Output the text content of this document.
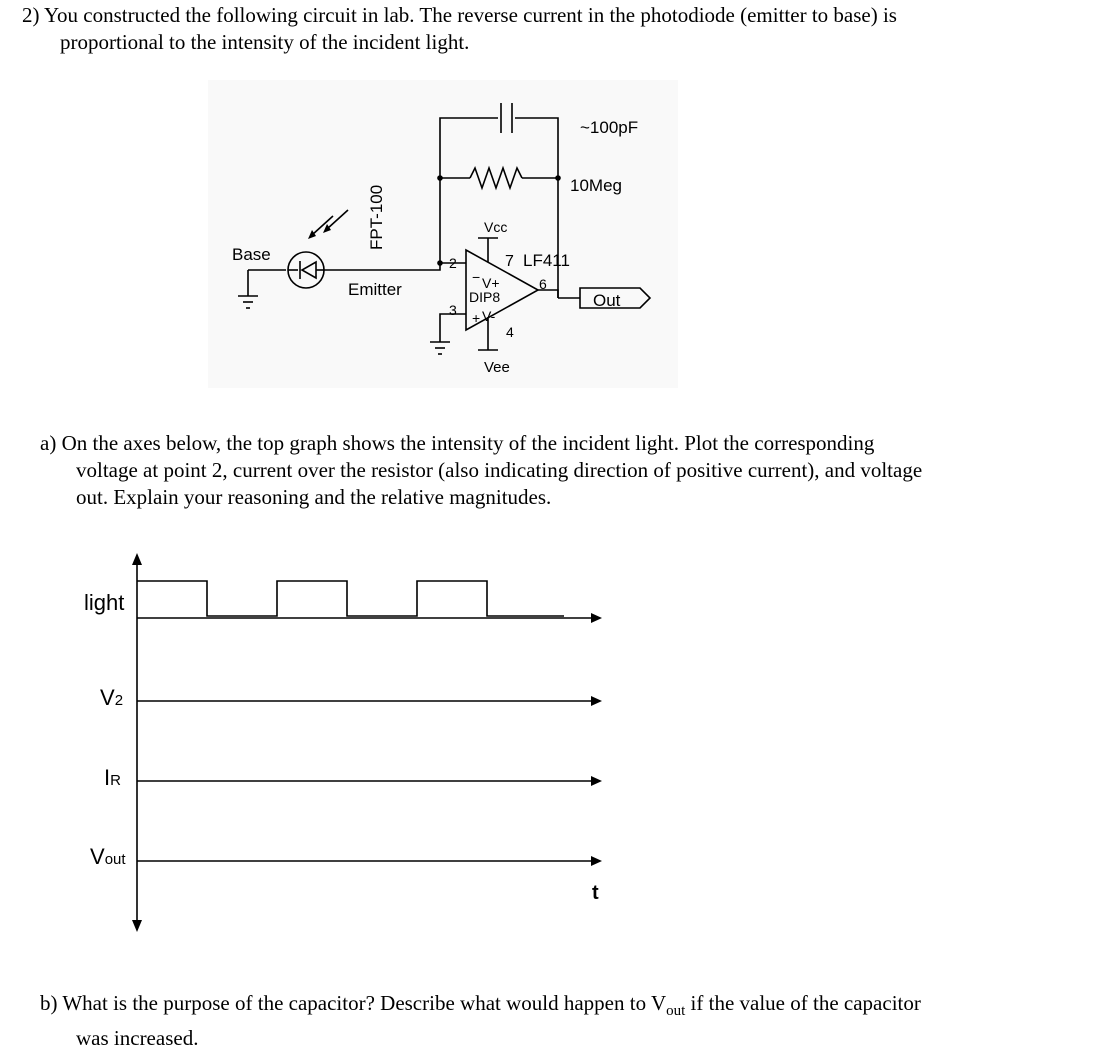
2) You constructed the following circuit in lab. The reverse current in the photodiode (emitter to base) is
proportional to the intensity of the incident light.
~100pF
10Meg
Vcc
7 LF411
Base	2
V+
−	6
Emitter	DIP8	Out
3 + V-
4
Vee
FPT-100
a) On the axes below, the top graph shows the intensity of the incident light. Plot the corresponding
voltage at point 2, current over the resistor (also indicating direction of positive current), and voltage
out. Explain your reasoning and the relative magnitudes.
light
V2
IR
Vout
t
b) What is the purpose of the capacitor? Describe what would happen to $V_{out}$ if the value of the capacitor
was increased.
